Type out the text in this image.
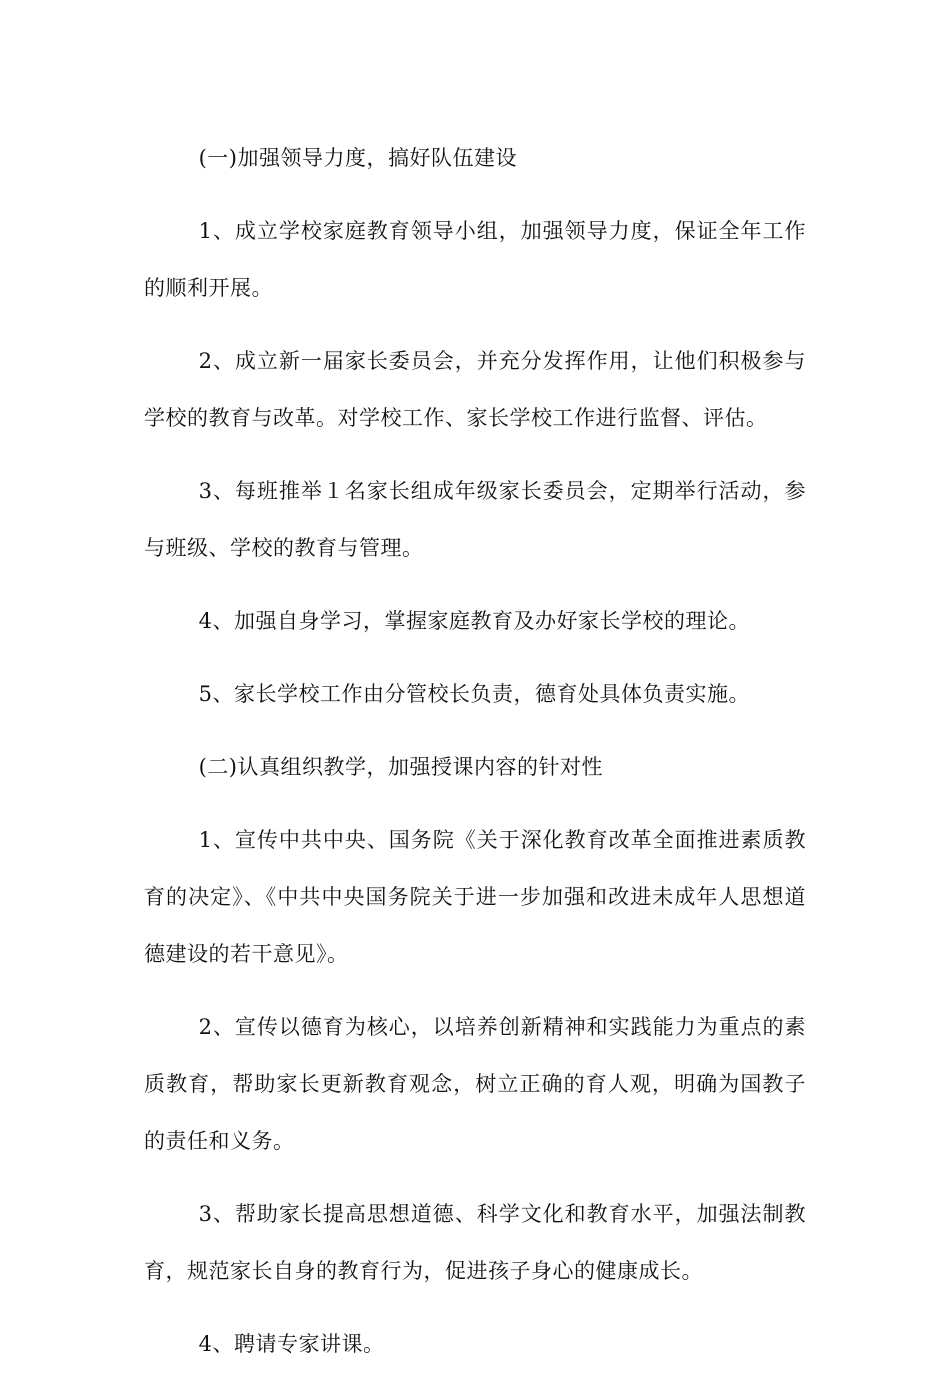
(一)加强领导力度，搞好队伍建设

1、成立学校家庭教育领导小组，加强领导力度，保证全年工作的顺利开展。

2、成立新一届家长委员会，并充分发挥作用，让他们积极参与学校的教育与改革。对学校工作、家长学校工作进行监督、评估。

3、每班推举１名家长组成年级家长委员会，定期举行活动，参与班级、学校的教育与管理。

4、加强自身学习，掌握家庭教育及办好家长学校的理论。

5、家长学校工作由分管校长负责，德育处具体负责实施。

(二)认真组织教学，加强授课内容的针对性

1、宣传中共中央、国务院《关于深化教育改革全面推进素质教育的决定》、《中共中央国务院关于进一步加强和改进未成年人思想道德建设的若干意见》。

2、宣传以德育为核心，以培养创新精神和实践能力为重点的素质教育，帮助家长更新教育观念，树立正确的育人观，明确为国教子的责任和义务。

3、帮助家长提高思想道德、科学文化和教育水平，加强法制教育，规范家长自身的教育行为，促进孩子身心的健康成长。

4、聘请专家讲课。
